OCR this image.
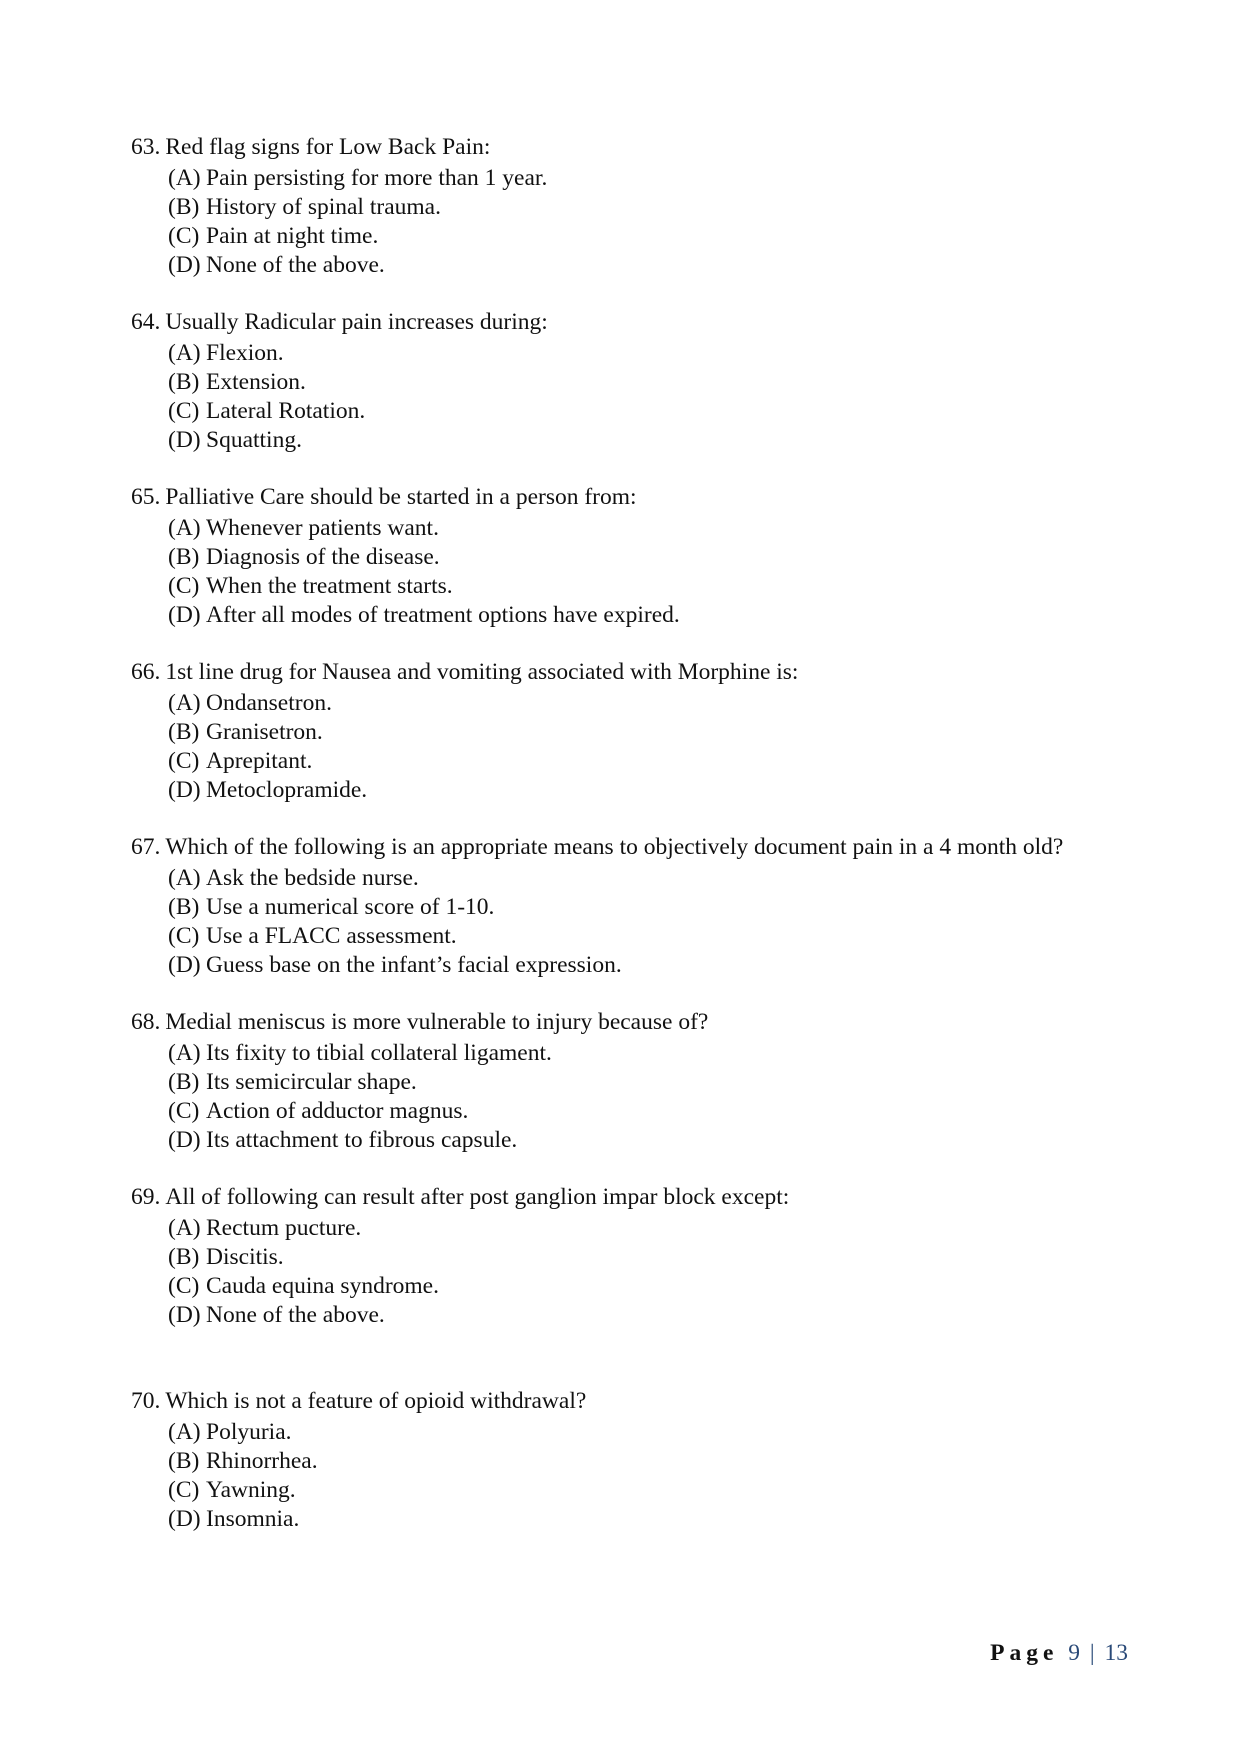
63. Red flag signs for Low Back Pain:
(A) Pain persisting for more than 1 year.
(B) History of spinal trauma.
(C) Pain at night time.
(D) None of the above.
64. Usually Radicular pain increases during:
(A) Flexion.
(B) Extension.
(C) Lateral Rotation.
(D) Squatting.
65. Palliative Care should be started in a person from:
(A) Whenever patients want.
(B) Diagnosis of the disease.
(C) When the treatment starts.
(D) After all modes of treatment options have expired.
66. 1st line drug for Nausea and vomiting associated with Morphine is:
(A) Ondansetron.
(B) Granisetron.
(C) Aprepitant.
(D) Metoclopramide.
67. Which of the following is an appropriate means to objectively document pain in a 4 month old?
(A) Ask the bedside nurse.
(B) Use a numerical score of 1-10.
(C) Use a FLACC assessment.
(D) Guess base on the infant’s facial expression.
68. Medial meniscus is more vulnerable to injury because of?
(A) Its fixity to tibial collateral ligament.
(B) Its semicircular shape.
(C) Action of adductor magnus.
(D) Its attachment to fibrous capsule.
69. All of following can result after post ganglion impar block except:
(A) Rectum pucture.
(B) Discitis.
(C) Cauda equina syndrome.
(D) None of the above.
70. Which is not a feature of opioid withdrawal?
(A) Polyuria.
(B) Rhinorrhea.
(C) Yawning.
(D) Insomnia.
Page 9 | 13
